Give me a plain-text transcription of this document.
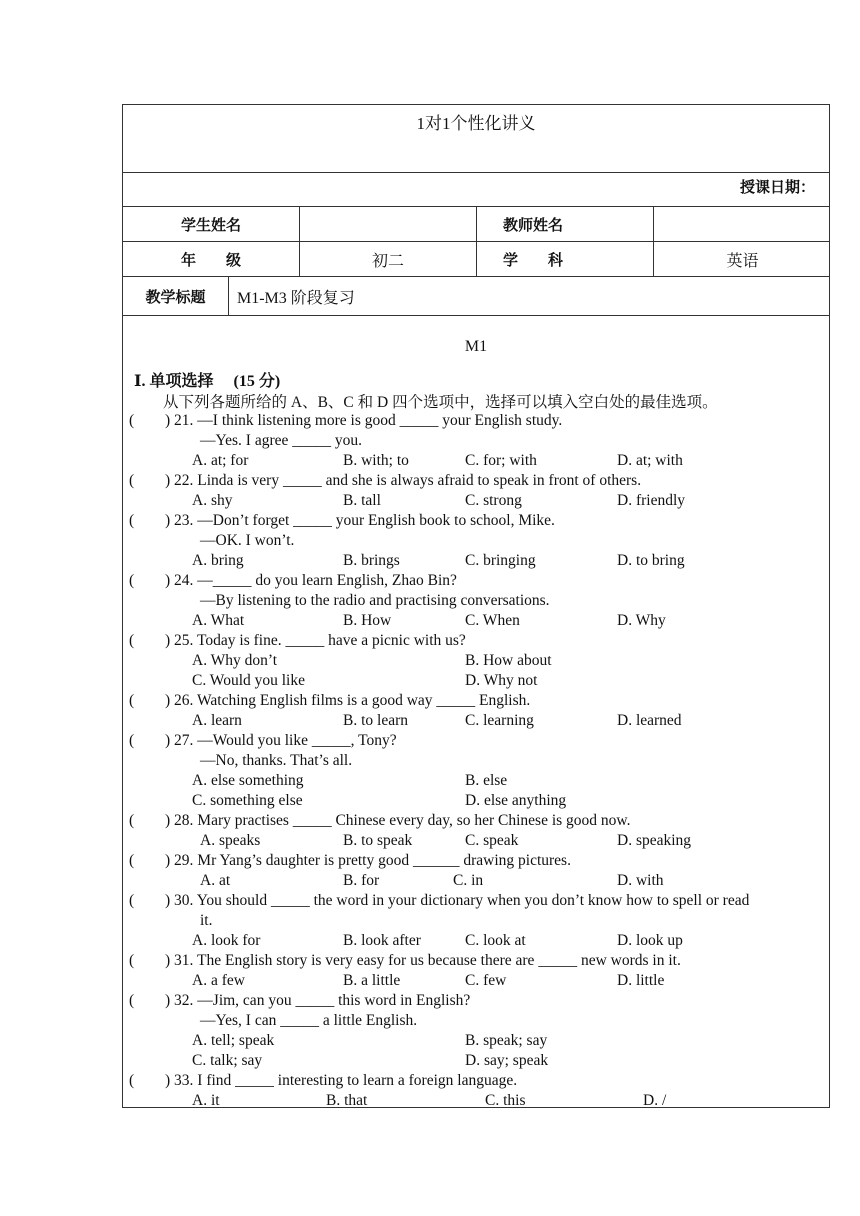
1对1个性化讲义
授课日期：
学生姓名	教师姓名
年　　级	初二	学　　科	英语
教学标题	M1-M3 阶段复习
M1
Ⅰ. 单项选择　 (15 分)
从下列各题所给的 A、B、C 和 D 四个选项中，选择可以填入空白处的最佳选项。
( ) 21. —I think listening more is good _____ your English study.
—Yes. I agree _____ you.
A. at; for	B. with; to	C. for; with	D. at; with
( ) 22. Linda is very _____ and she is always afraid to speak in front of others.
A. shy	B. tall	C. strong	D. friendly
( ) 23. —Don’t forget _____ your English book to school, Mike.
—OK. I won’t.
A. bring	B. brings	C. bringing	D. to bring
( ) 24. —_____ do you learn English, Zhao Bin?
—By listening to the radio and practising conversations.
A. What	B. How	C. When	D. Why
( ) 25. Today is fine. _____ have a picnic with us?
A. Why don’t	B. How about
C. Would you like	D. Why not
( ) 26. Watching English films is a good way _____ English.
A. learn	B. to learn	C. learning	D. learned
( ) 27. —Would you like _____, Tony?
—No, thanks. That’s all.
A. else something	B. else
C. something else	D. else anything
( ) 28. Mary practises _____ Chinese every day, so her Chinese is good now.
A. speaks	B. to speak	C. speak	D. speaking
( ) 29. Mr Yang’s daughter is pretty good ______ drawing pictures.
A. at	B. for	C. in	D. with
( ) 30. You should _____ the word in your dictionary when you don’t know how to spell or read
it.
A. look for	B. look after	C. look at	D. look up
( ) 31. The English story is very easy for us because there are _____ new words in it.
A. a few	B. a little	C. few	D. little
( ) 32. —Jim, can you _____ this word in English?
—Yes, I can _____ a little English.
A. tell; speak	B. speak; say
C. talk; say	D. say; speak
( ) 33. I find _____ interesting to learn a foreign language.
A. it	B. that	C. this	D. /
